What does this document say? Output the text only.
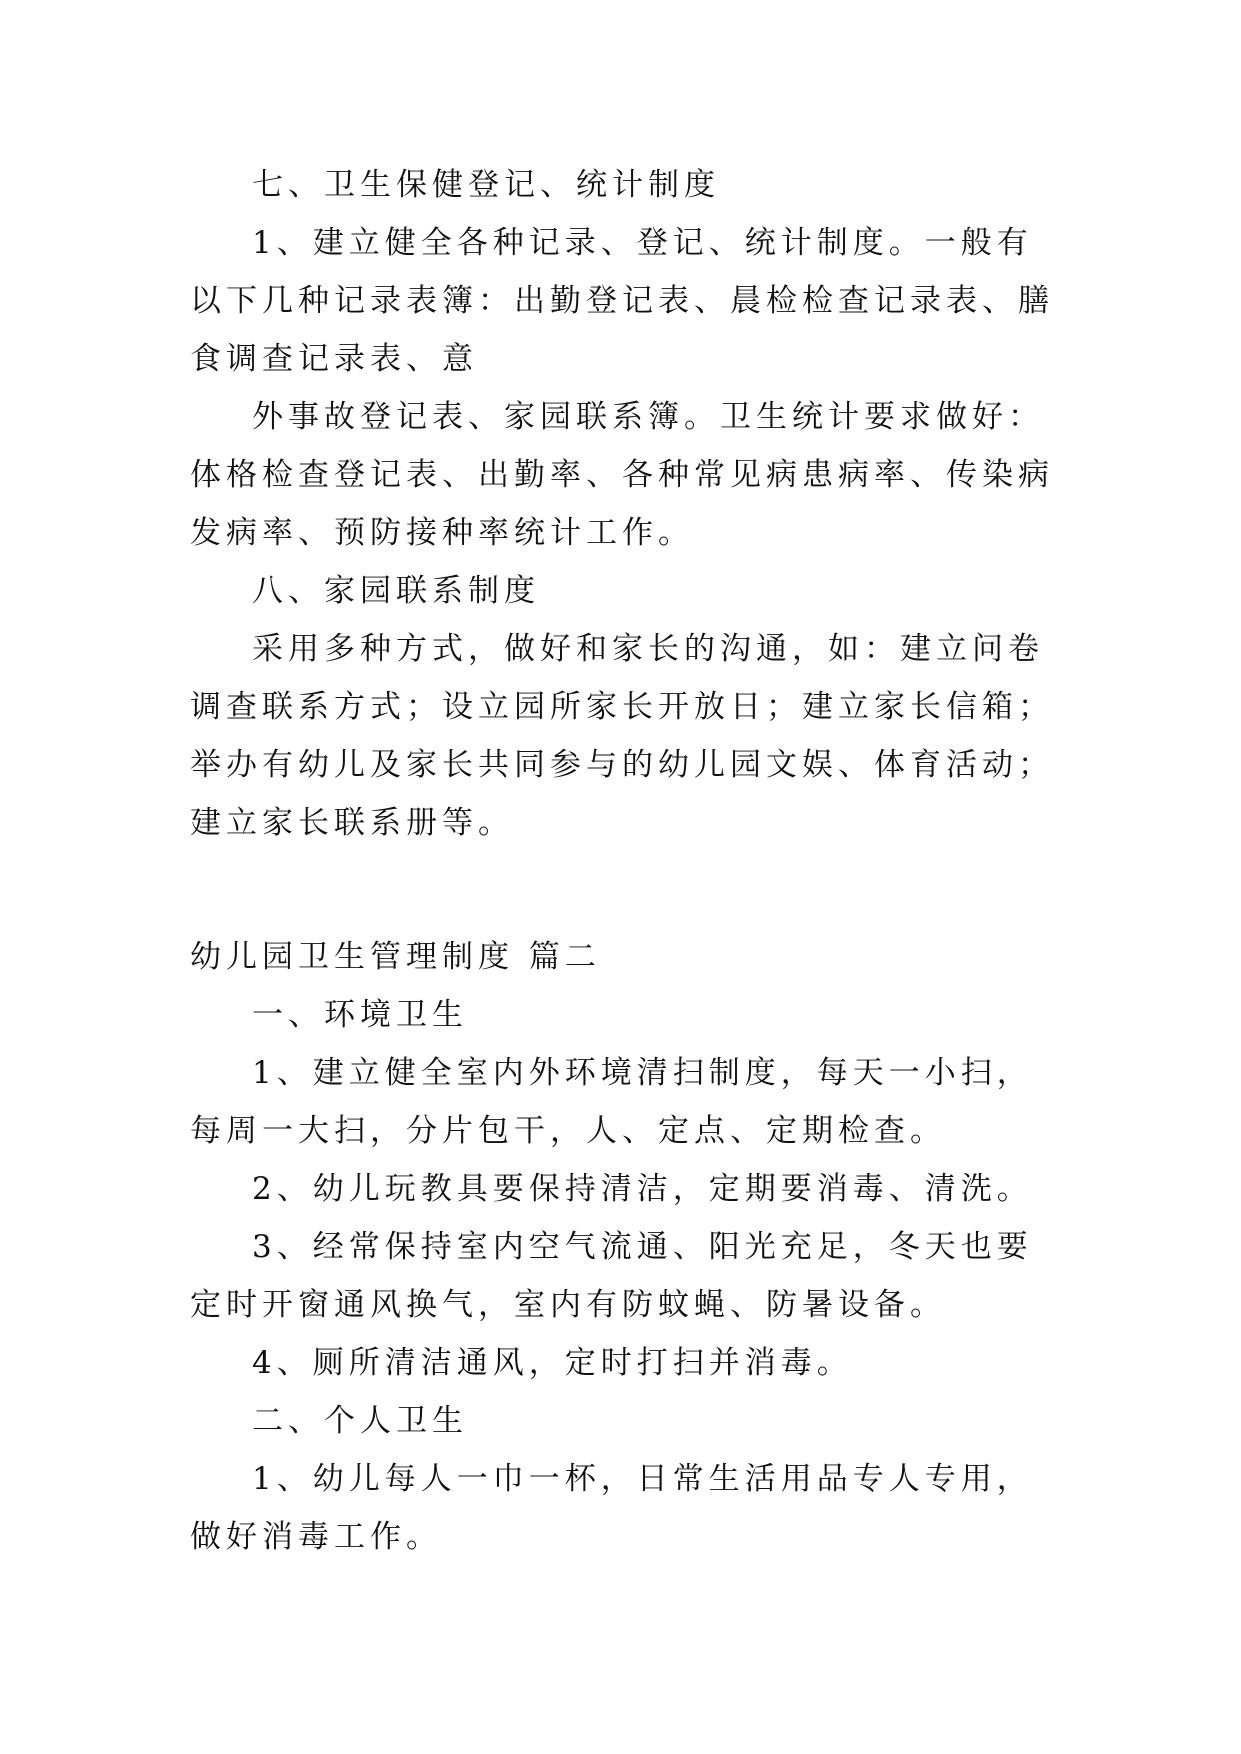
七、卫生保健登记、统计制度

1、建立健全各种记录、登记、统计制度。一般有以下几种记录表簿：出勤登记表、晨检检查记录表、膳食调查记录表、意

外事故登记表、家园联系簿。卫生统计要求做好：体格检查登记表、出勤率、各种常见病患病率、传染病发病率、预防接种率统计工作。

八、家园联系制度

采用多种方式，做好和家长的沟通，如：建立问卷调查联系方式；设立园所家长开放日；建立家长信箱；举办有幼儿及家长共同参与的幼儿园文娱、体育活动；建立家长联系册等。

幼儿园卫生管理制度 篇二

一、环境卫生

1、建立健全室内外环境清扫制度，每天一小扫，每周一大扫，分片包干，人、定点、定期检查。

2、幼儿玩教具要保持清洁，定期要消毒、清洗。

3、经常保持室内空气流通、阳光充足，冬天也要定时开窗通风换气，室内有防蚊蝇、防暑设备。

4、厕所清洁通风，定时打扫并消毒。

二、个人卫生

1、幼儿每人一巾一杯，日常生活用品专人专用，做好消毒工作。
